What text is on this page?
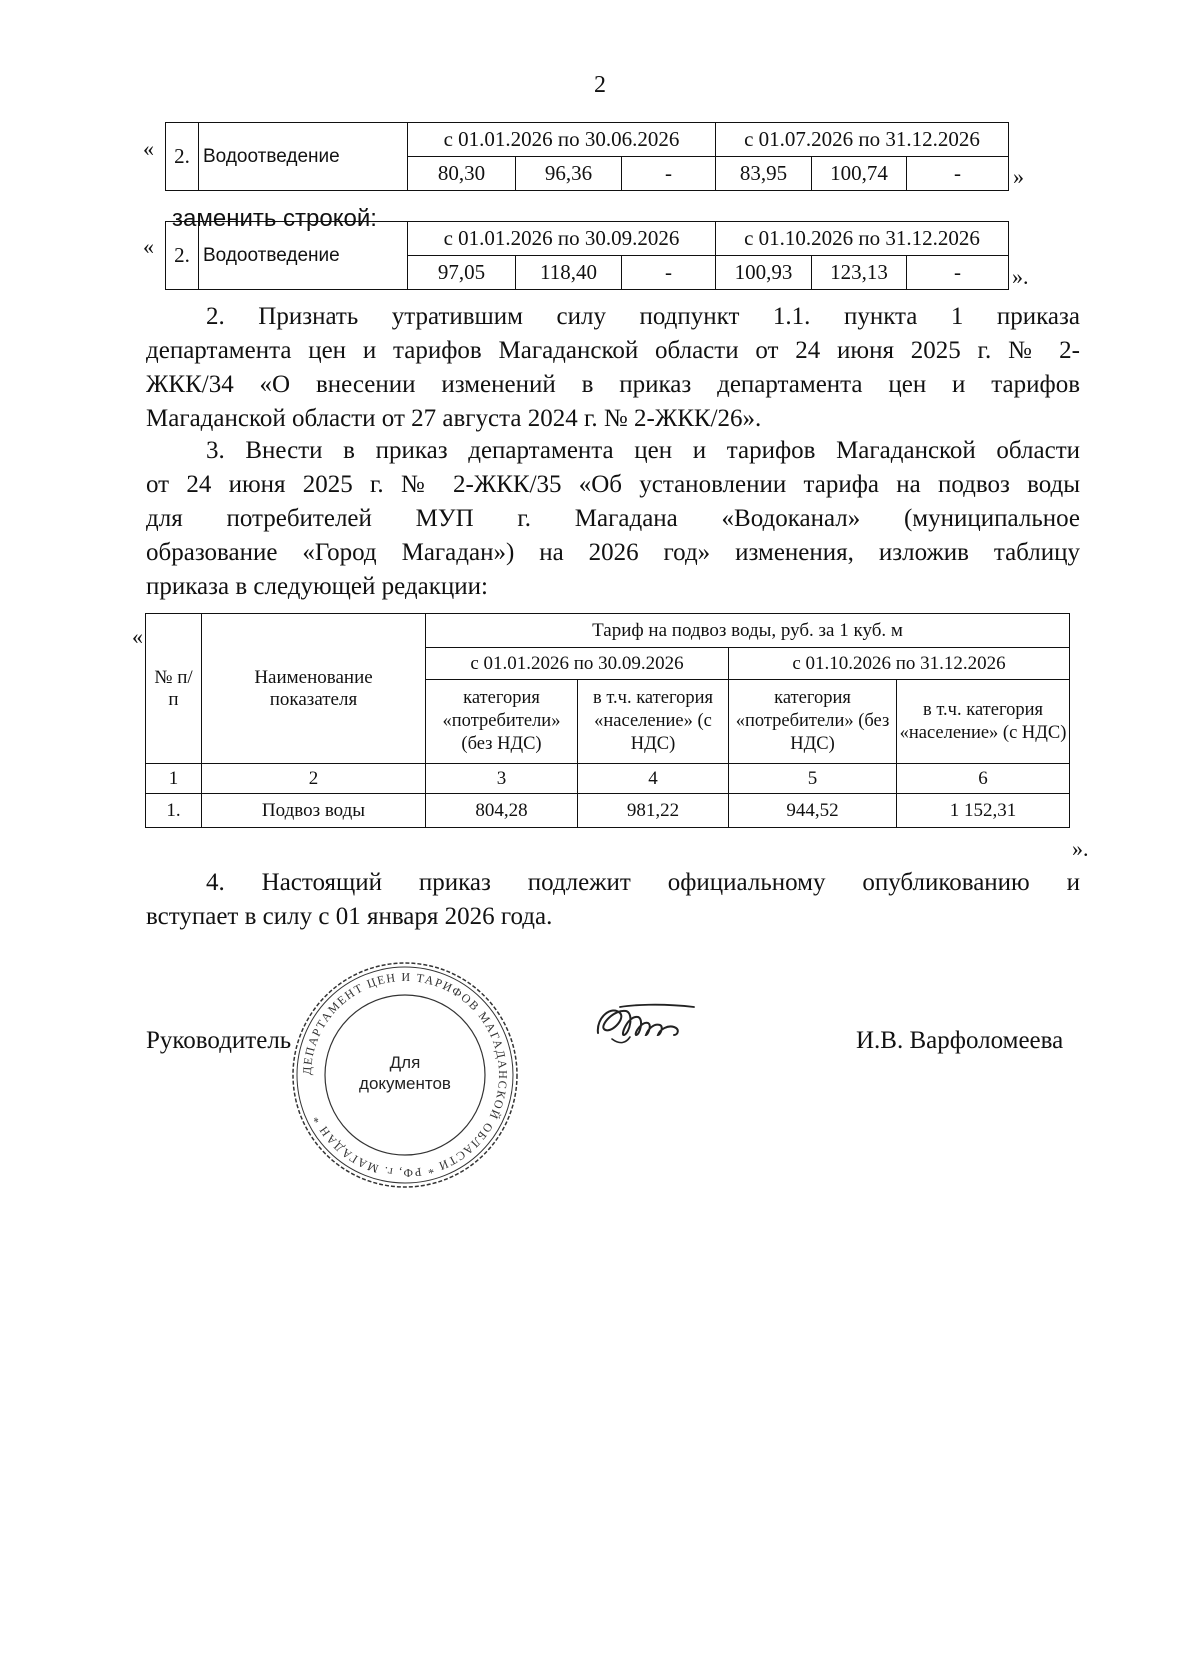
2
« 2.	Водоотведение	с 01.01.2026 по 30.06.2026			с 01.07.2026 по 31.12.2026		
		80,30	96,36	-	83,95	100,74	- »
заменить строкой:
« 2.	Водоотведение	с 01.01.2026 по 30.09.2026			с 01.10.2026 по 31.12.2026		
		97,05	118,40	-	100,93	123,13	- ».
2. Признать утратившим силу подпункт 1.1. пункта 1 приказа
департамента цен и тарифов Магаданской области от 24 июня 2025 г. № 2-
ЖКК/34 «О внесении изменений в приказ департамента цен и тарифов
Магаданской области от 27 августа 2024 г. № 2-ЖКК/26».
3. Внести в приказ департамента цен и тарифов Магаданской области
от 24 июня 2025 г. № 2-ЖКК/35 «Об установлении тарифа на подвоз воды
для потребителей МУП г. Магадана «Водоканал» (муниципальное
образование «Город Магадан») на 2026 год» изменения, изложив таблицу
приказа в следующей редакции:
«
№ п/п	Наименование показателя	Тариф на подвоз воды, руб. за 1 куб. м			
		с 01.01.2026 по 30.09.2026		с 01.10.2026 по 31.12.2026	
		категория «потребители» (без НДС)	в т.ч. категория «население» (с НДС)	категория «потребители» (без НДС)	в т.ч. категория «население» (с НДС)
1	2	3	4	5	6
1.	Подвоз воды	804,28	981,22	944,52	1 152,31
».
4. Настоящий приказ подлежит официальному опубликованию и
вступает в силу с 01 января 2026 года.
Руководитель	И.В. Варфоломеева
ДЕПАРТАМЕНТ ЦЕН И ТАРИФОВ МАГАДАНСКОЙ ОБЛАСТИ * РФ, г. МАГАДАН *
Для
документов
